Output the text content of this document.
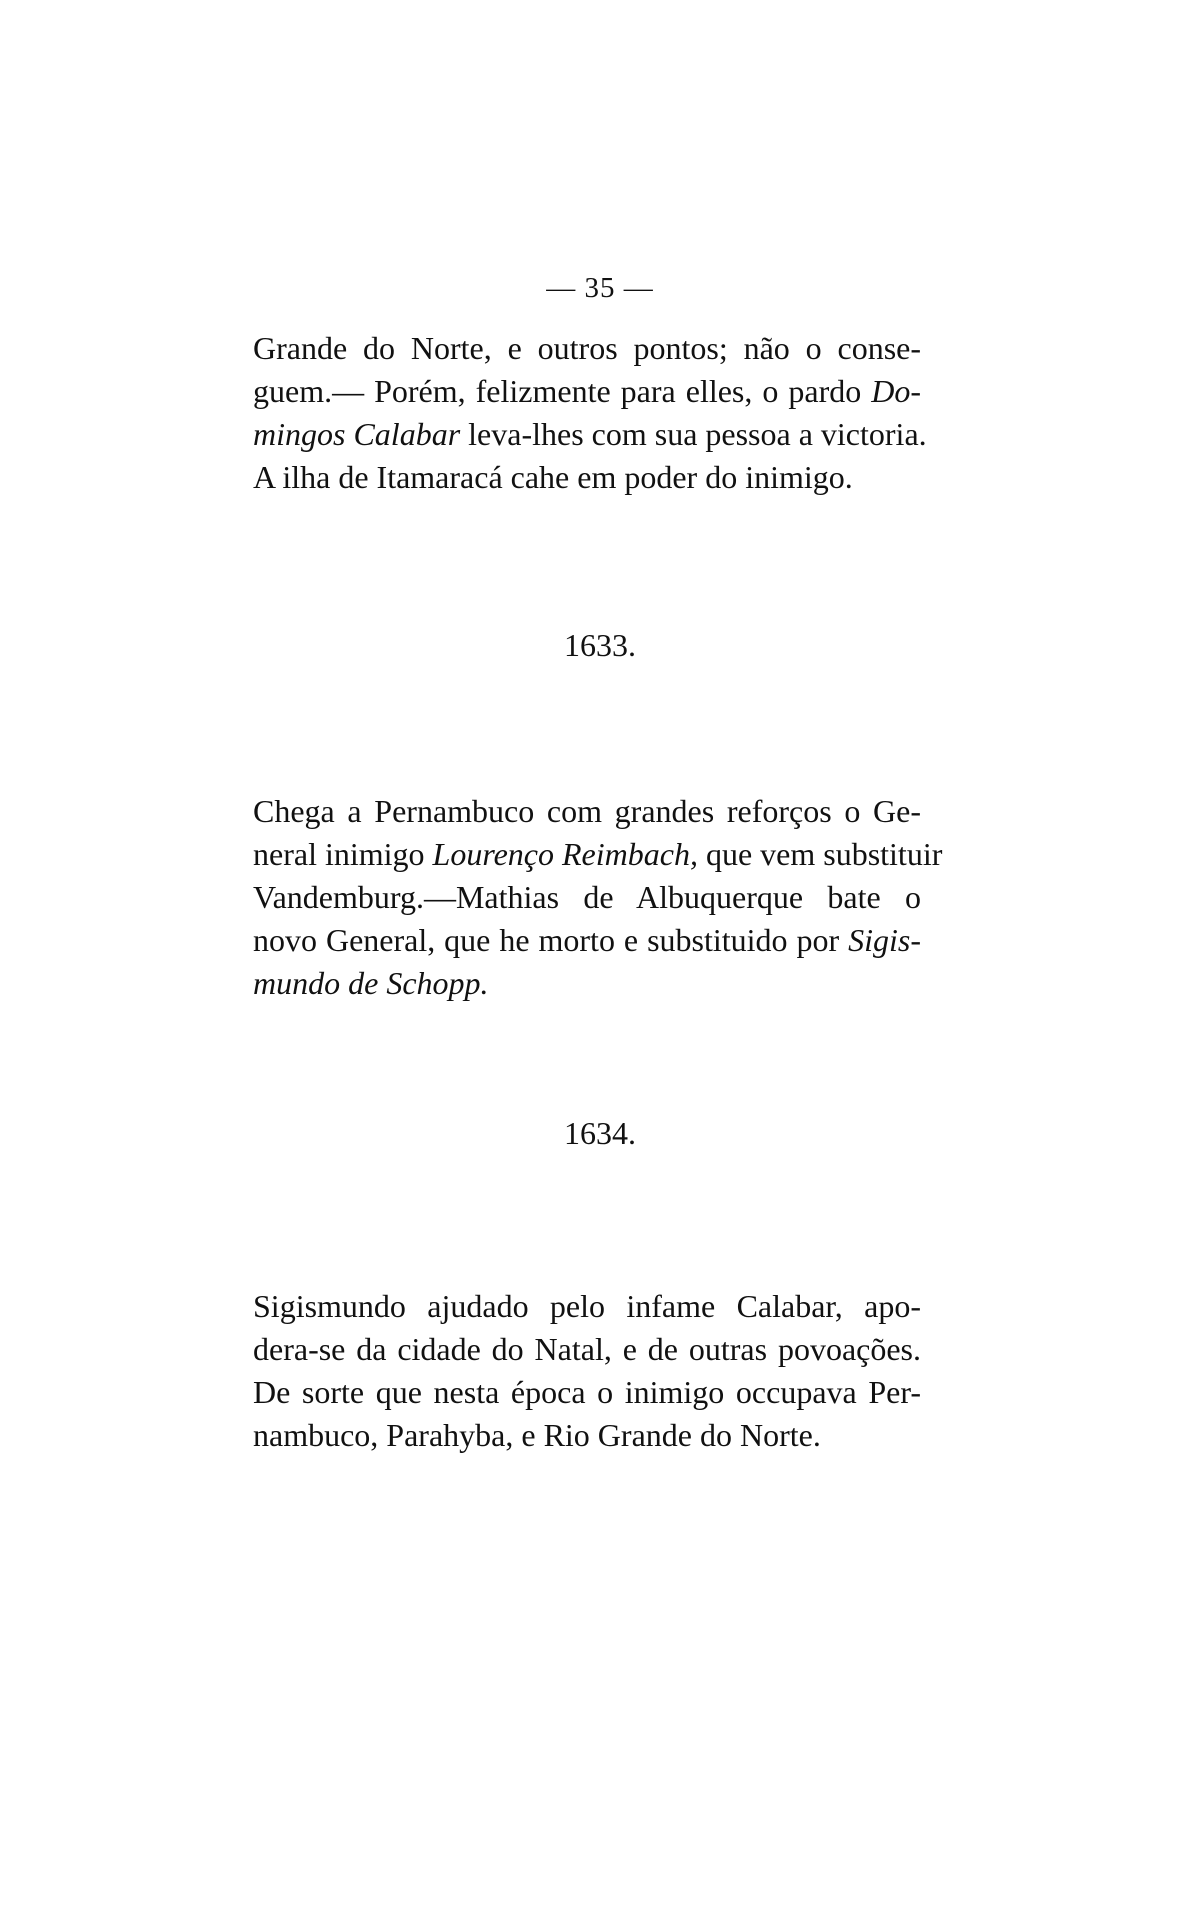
— 35 —
Grande do Norte, e outros pontos; não o conse-
guem.— Porém, felizmente para elles, o pardo Do-
mingos Calabar leva-lhes com sua pessoa a victoria.
A ilha de Itamaracá cahe em poder do inimigo.
1633.
Chega a Pernambuco com grandes reforços o Ge-
neral inimigo Lourenço Reimbach, que vem substituir
Vandemburg.—Mathias de Albuquerque bate o
novo General, que he morto e substituido por Sigis-
mundo de Schopp.
1634.
Sigismundo ajudado pelo infame Calabar, apo-
dera-se da cidade do Natal, e de outras povoações.
De sorte que nesta época o inimigo occupava Per-
nambuco, Parahyba, e Rio Grande do Norte.
